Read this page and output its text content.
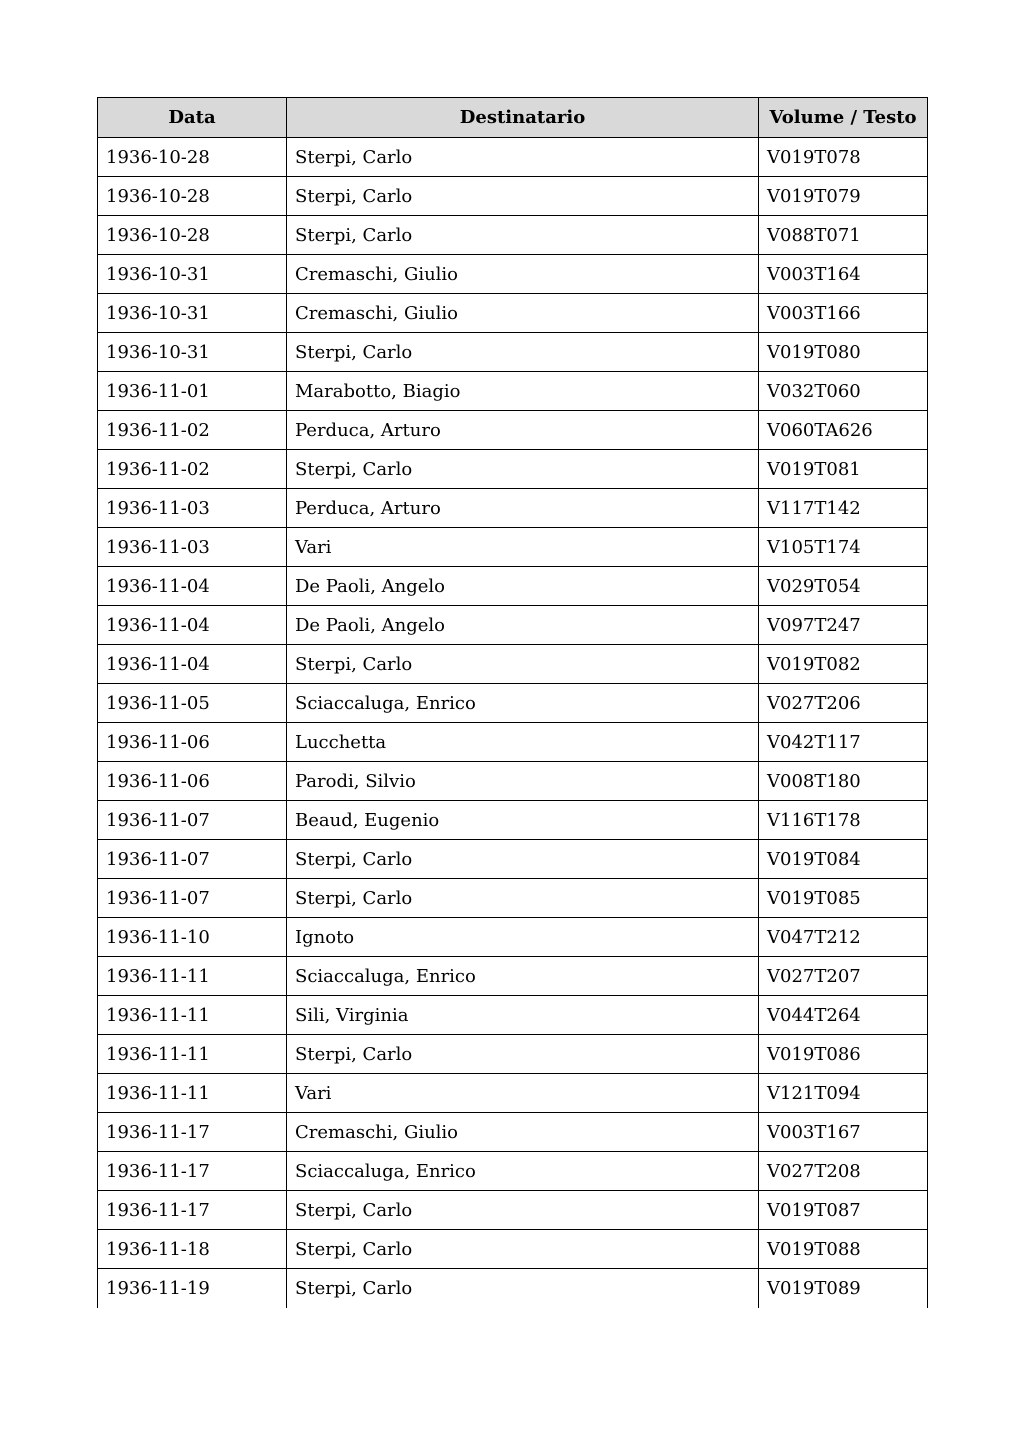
Data	Destinatario	Volume / Testo
1936-10-28	Sterpi, Carlo	V019T078
1936-10-28	Sterpi, Carlo	V019T079
1936-10-28	Sterpi, Carlo	V088T071
1936-10-31	Cremaschi, Giulio	V003T164
1936-10-31	Cremaschi, Giulio	V003T166
1936-10-31	Sterpi, Carlo	V019T080
1936-11-01	Marabotto, Biagio	V032T060
1936-11-02	Perduca, Arturo	V060TA626
1936-11-02	Sterpi, Carlo	V019T081
1936-11-03	Perduca, Arturo	V117T142
1936-11-03	Vari	V105T174
1936-11-04	De Paoli, Angelo	V029T054
1936-11-04	De Paoli, Angelo	V097T247
1936-11-04	Sterpi, Carlo	V019T082
1936-11-05	Sciaccaluga, Enrico	V027T206
1936-11-06	Lucchetta	V042T117
1936-11-06	Parodi, Silvio	V008T180
1936-11-07	Beaud, Eugenio	V116T178
1936-11-07	Sterpi, Carlo	V019T084
1936-11-07	Sterpi, Carlo	V019T085
1936-11-10	Ignoto	V047T212
1936-11-11	Sciaccaluga, Enrico	V027T207
1936-11-11	Sili, Virginia	V044T264
1936-11-11	Sterpi, Carlo	V019T086
1936-11-11	Vari	V121T094
1936-11-17	Cremaschi, Giulio	V003T167
1936-11-17	Sciaccaluga, Enrico	V027T208
1936-11-17	Sterpi, Carlo	V019T087
1936-11-18	Sterpi, Carlo	V019T088
1936-11-19	Sterpi, Carlo	V019T089
